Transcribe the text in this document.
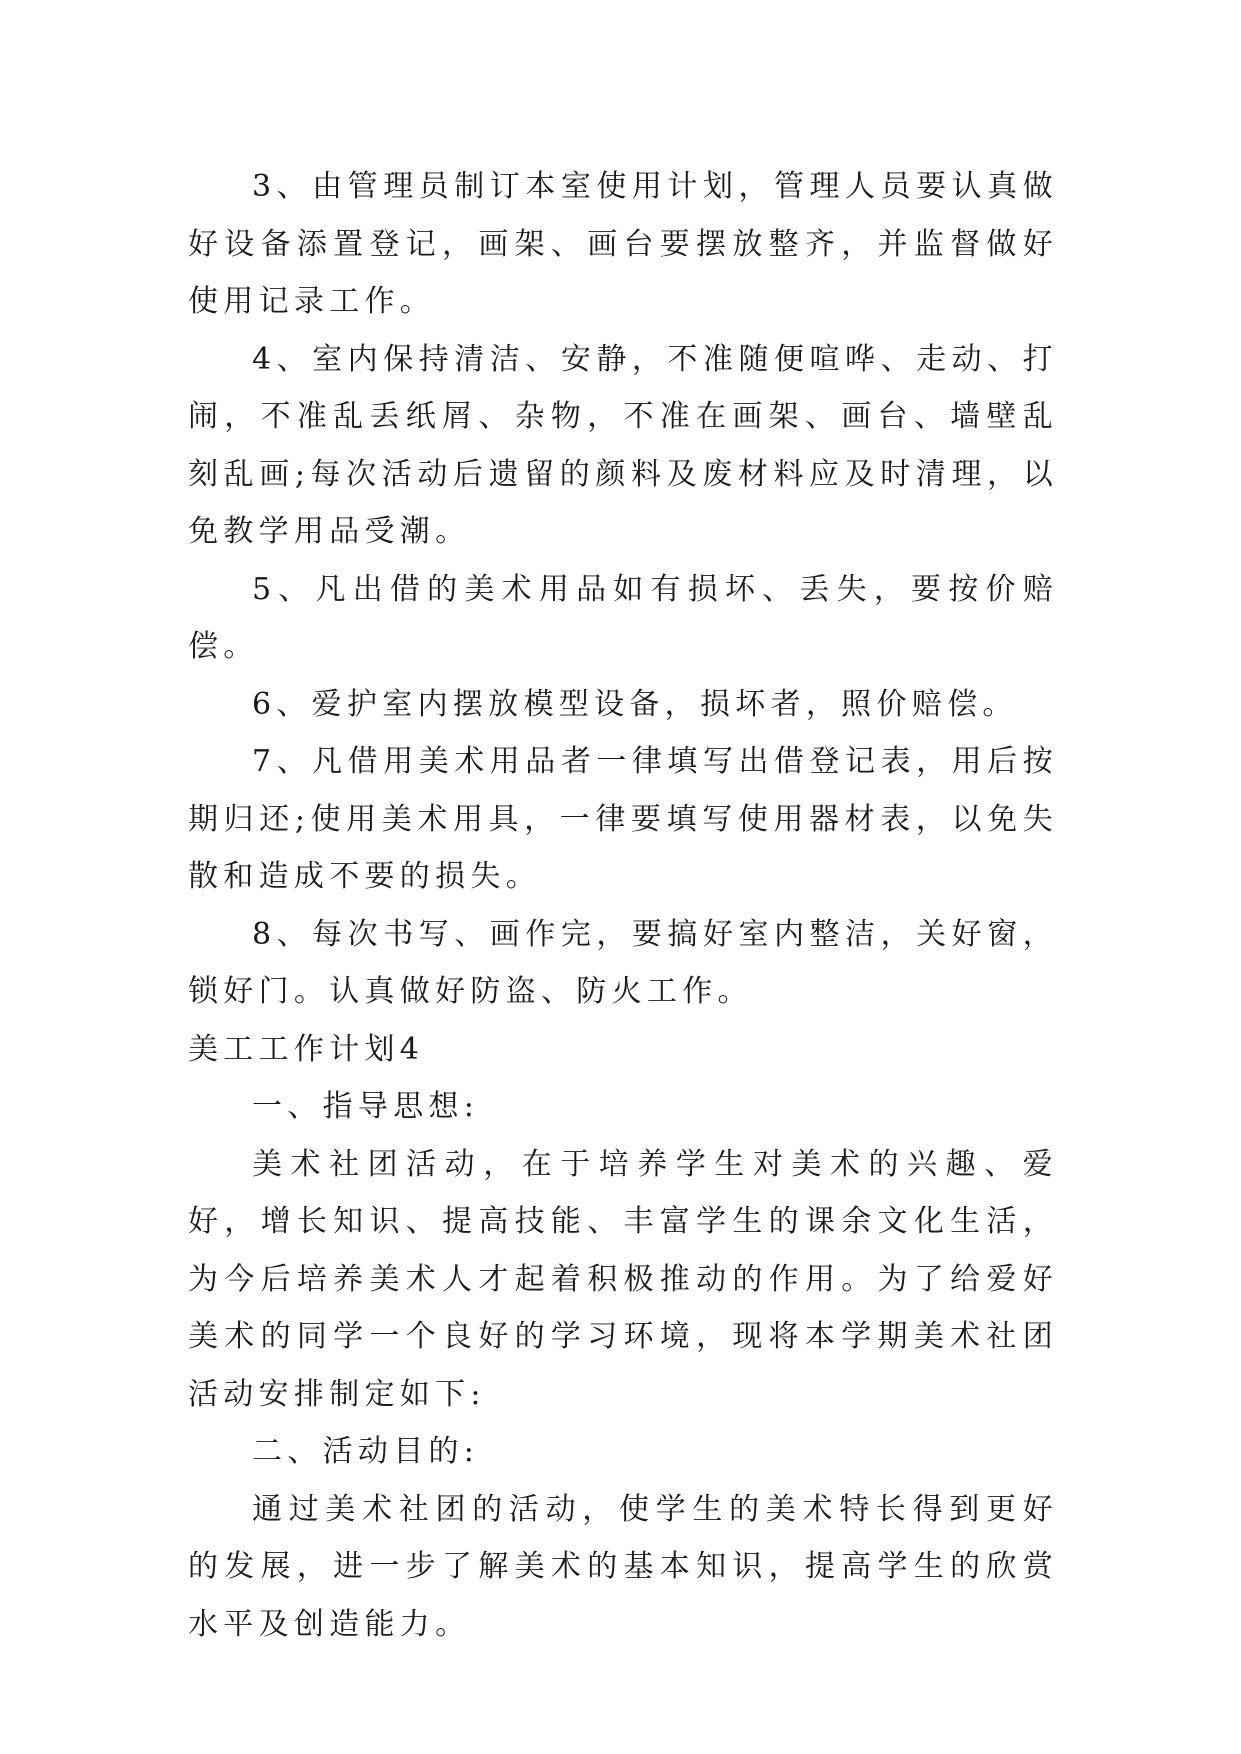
3、由管理员制订本室使用计划，管理人员要认真做好设备添置登记，画架、画台要摆放整齐，并监督做好使用记录工作。

4、室内保持清洁、安静，不准随便喧哗、走动、打闹，不准乱丢纸屑、杂物，不准在画架、画台、墙壁乱刻乱画;每次活动后遗留的颜料及废材料应及时清理，以免教学用品受潮。

5、凡出借的美术用品如有损坏、丢失，要按价赔偿。

6、爱护室内摆放模型设备，损坏者，照价赔偿。

7、凡借用美术用品者一律填写出借登记表，用后按期归还;使用美术用具，一律要填写使用器材表，以免失散和造成不要的损失。

8、每次书写、画作完，要搞好室内整洁，关好窗，锁好门。认真做好防盗、防火工作。

美工工作计划4

一、指导思想:

美术社团活动，在于培养学生对美术的兴趣、爱好，增长知识、提高技能、丰富学生的课余文化生活，为今后培养美术人才起着积极推动的作用。为了给爱好美术的同学一个良好的学习环境，现将本学期美术社团活动安排制定如下:

二、活动目的:

通过美术社团的活动，使学生的美术特长得到更好的发展，进一步了解美术的基本知识，提高学生的欣赏水平及创造能力。
